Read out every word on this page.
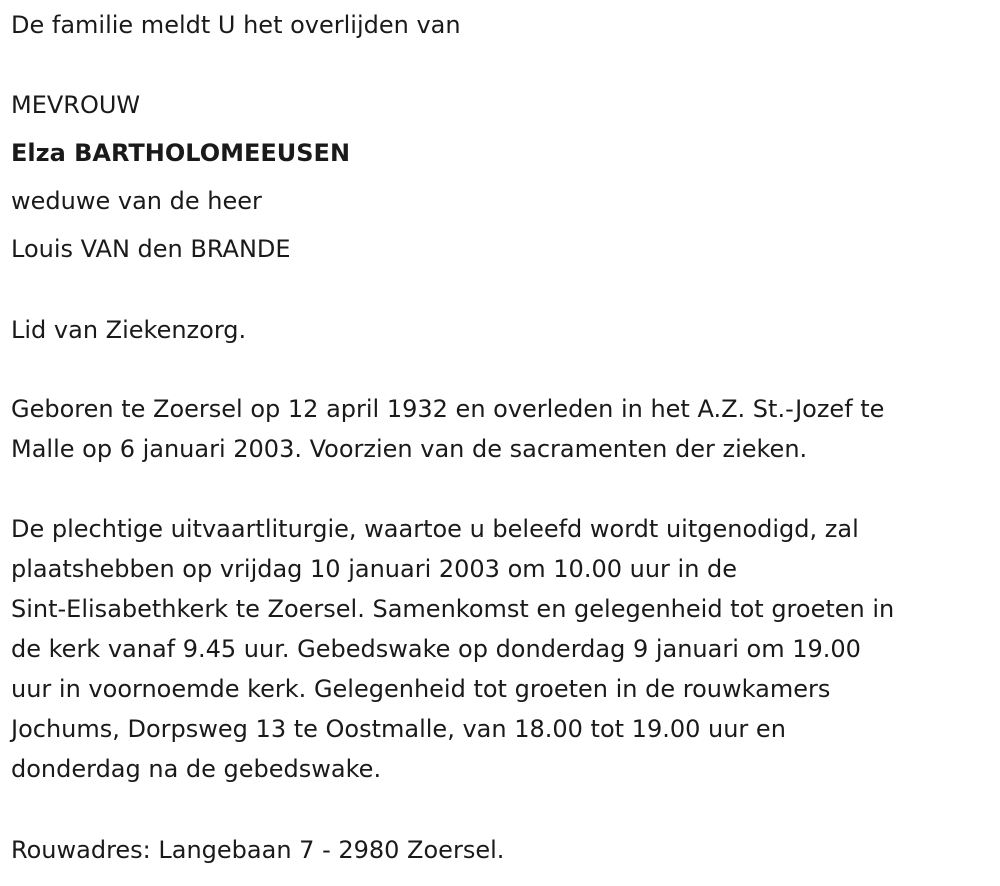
De familie meldt U het overlijden van
MEVROUW
Elza BARTHOLOMEEUSEN
weduwe van de heer
Louis VAN den BRANDE
Lid van Ziekenzorg.
Geboren te Zoersel op 12 april 1932 en overleden in het A.Z. St.-Jozef te
Malle op 6 januari 2003. Voorzien van de sacramenten der zieken.
De plechtige uitvaartliturgie, waartoe u beleefd wordt uitgenodigd, zal
plaatshebben op vrijdag 10 januari 2003 om 10.00 uur in de
Sint-Elisabethkerk te Zoersel. Samenkomst en gelegenheid tot groeten in
de kerk vanaf 9.45 uur. Gebedswake op donderdag 9 januari om 19.00
uur in voornoemde kerk. Gelegenheid tot groeten in de rouwkamers
Jochums, Dorpsweg 13 te Oostmalle, van 18.00 tot 19.00 uur en
donderdag na de gebedswake.
Rouwadres: Langebaan 7 - 2980 Zoersel.
